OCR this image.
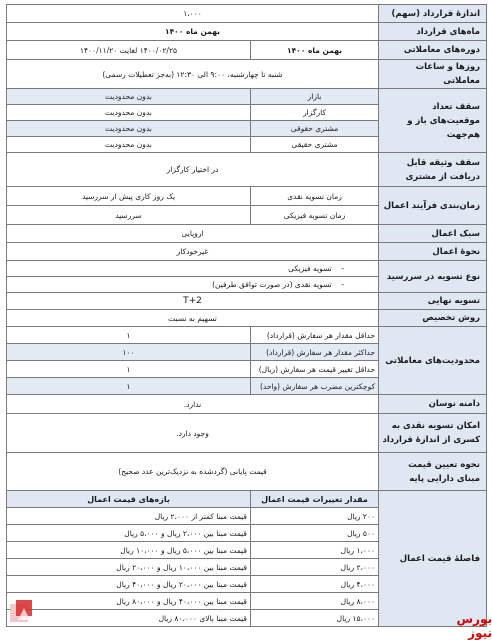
اندازهٔ قرارداد (سهم)	۱،۰۰۰	
ماه‌های قرارداد	بهمن ماه ۱۴۰۰	
دوره‌های معاملاتی	بهمن ماه ۱۴۰۰	۱۴۰۰/۰۲/۲۵ لغایت ۱۴۰۰/۱۱/۲۰
روزها و ساعات معاملاتی	شنبه تا چهارشنبه، ۹:۰۰ الی ۱۲:۳۰ (به‌جز تعطیلات رسمی)	
سقف تعداد موقعیت‌های باز و هم‌جهت	بازار	بدون محدودیت
	کارگزار	بدون محدودیت
	مشتری حقوقی	بدون محدودیت
	مشتری حقیقی	بدون محدودیت
سقف وثیقه قابل دریافت از مشتری	در اختیار کارگزار	
زمان‌بندی فرآیند اعمال	زمان تسویه نقدی	یک روز کاری پیش از سررسید
	زمان تسویه فیزیکی	سررسید
سبک اعمال	اروپایی	
نحوهٔ اعمال	غیرخودکار	
نوع تسویه در سررسید	-    تسویه فیزیکی	
	-    تسویه نقدی (در صورت توافق طرفین)	
تسویه نهایی	T+2	
روش تخصیص	تسهیم به نسبت	
محدودیت‌های معاملاتی	حداقل مقدار هر سفارش (قرارداد)	۱
	حداکثر مقدار هر سفارش (قرارداد)	۱۰۰
	حداقل تغییر قیمت هر سفارش (ریال)	۱
	کوچکترین مضرب هر سفارش (واحد)	۱
دامنه نوسان	ندارد.	
امکان تسویه نقدی به کسری از اندازهٔ قرارداد	وجود دارد.	
نحوه تعیین قیمت مبنای دارایی پایه	قیمت پایانی (گرد‌شده به نزدیک‌ترین عدد صحیح)	
فاصلهٔ قیمت اعمال	مقدار تغییرات قیمت اعمال	بازه‌های قیمت اعمال
	۲۰۰ ریال	قیمت مبنا کمتر از ۲،۰۰۰ ریال
	۵۰۰ ریال	قیمت مبنا بین ۲،۰۰۰ ریال و ۵،۰۰۰ ریال
	۱،۰۰۰ ریال	قیمت مبنا بین ۵،۰۰۰ ریال و ۱۰،۰۰۰ ریال
	۲،۰۰۰ ریال	قیمت مبنا بین ۱۰،۰۰۰ ریال و ۲۰،۰۰۰ ریال
	۴،۰۰۰ ریال	قیمت مبنا بین ۲۰،۰۰۰ ریال و ۴۰،۰۰۰ ریال
	۸،۰۰۰ ریال	قیمت مبنا بین ۴۰،۰۰۰ ریال و ۸۰،۰۰۰ ریال
	۱۵،۰۰۰ ریال	قیمت مبنا بالای ۸۰،۰۰۰ ریال	بورس نیوز
